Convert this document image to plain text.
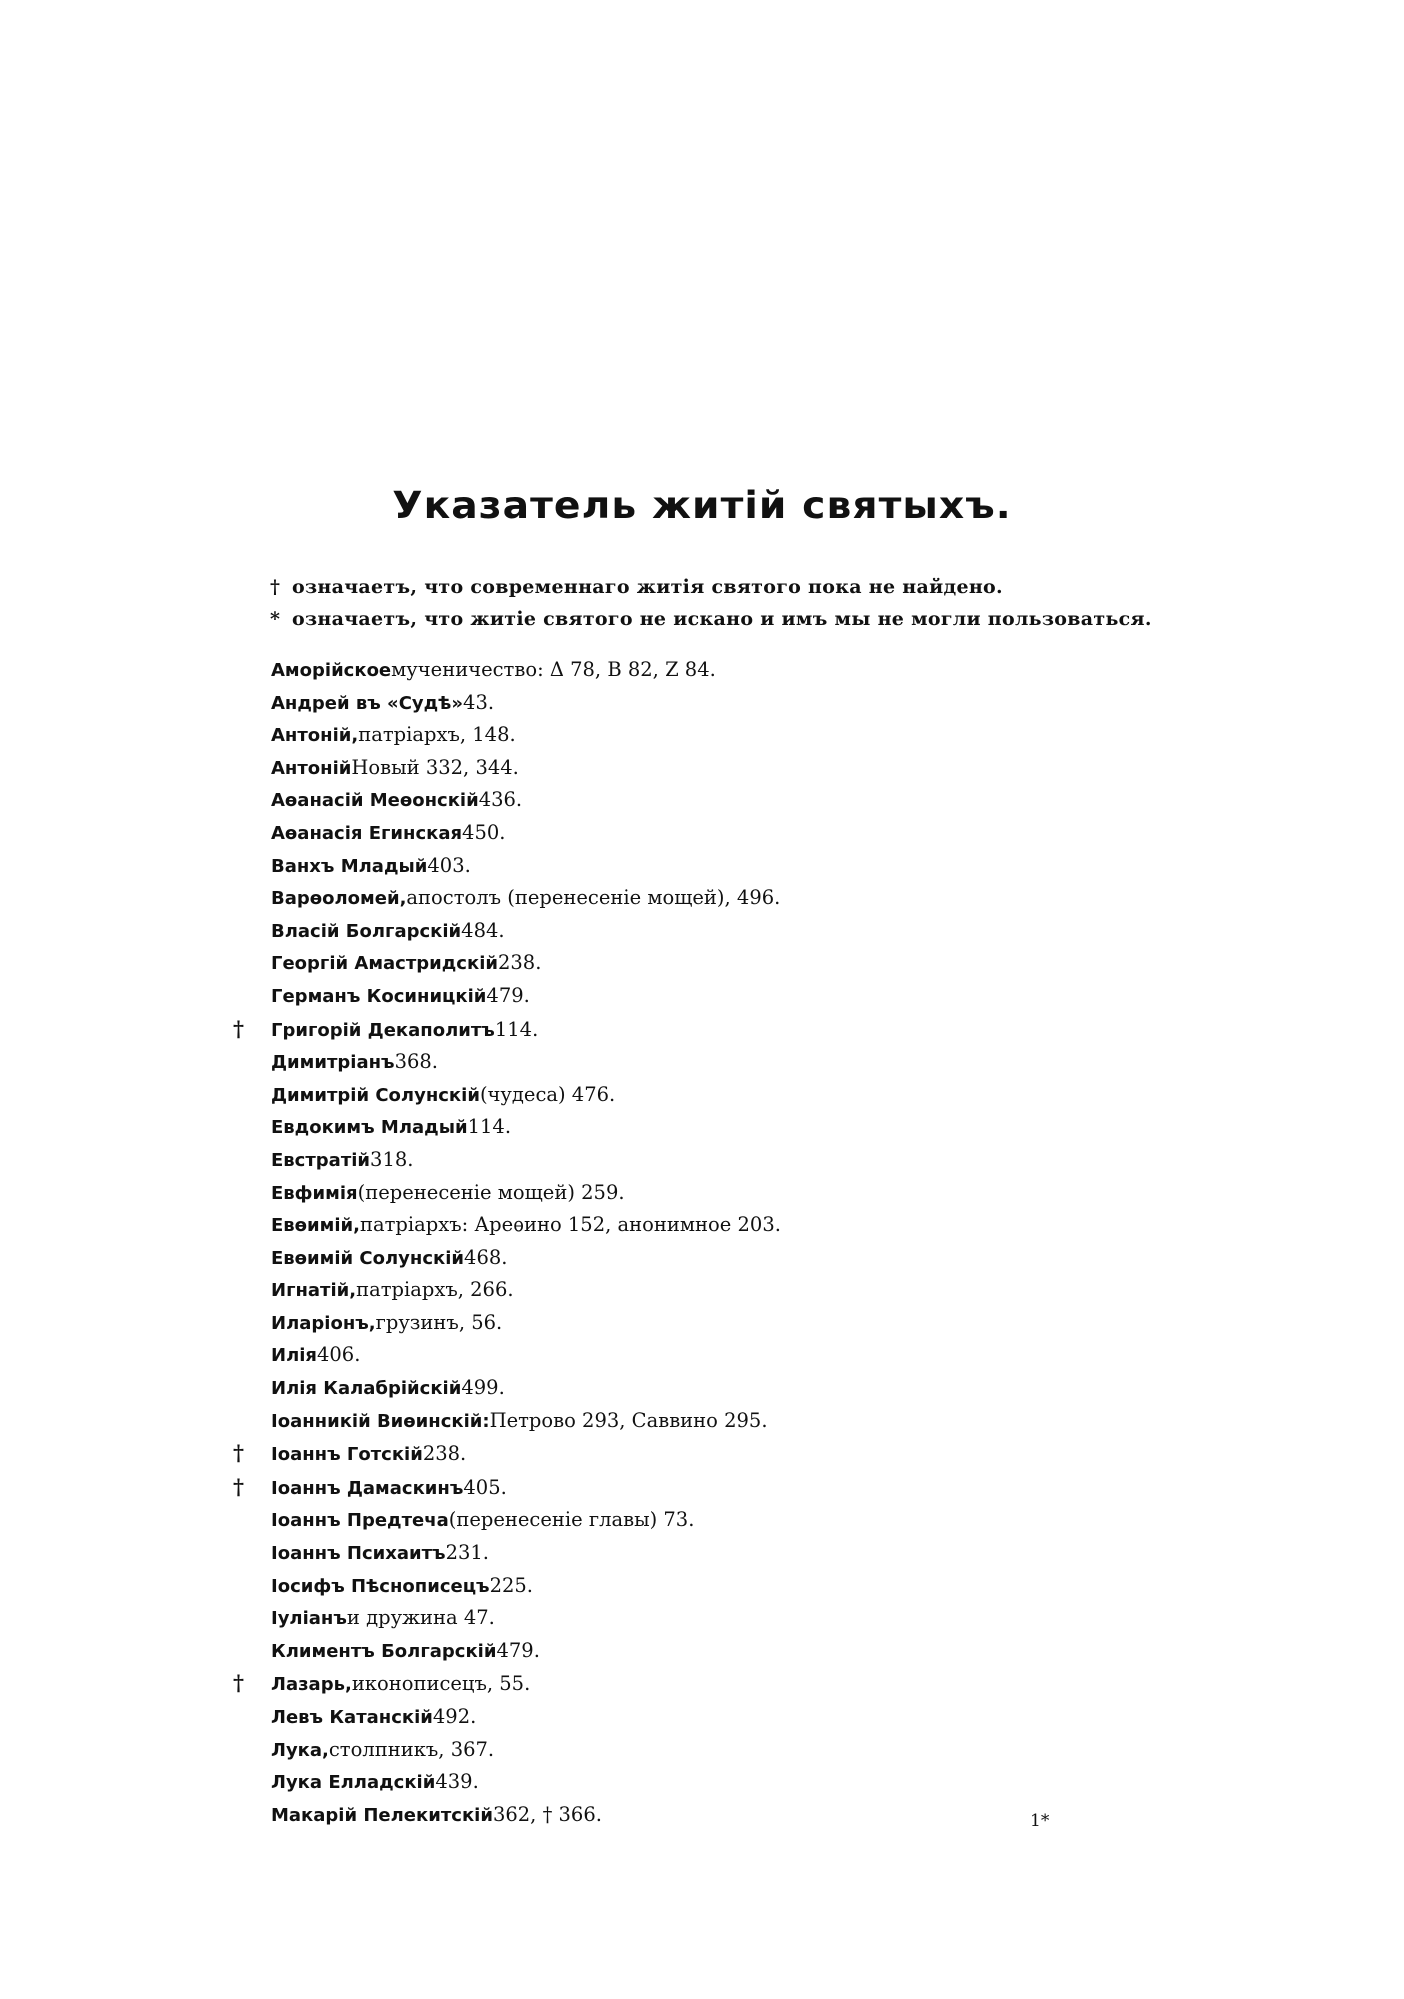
Указатель житій святыхъ.
† означаетъ, что современнаго житія святого пока не найдено.
* означаетъ, что житіе святого не искано и имъ мы не могли пользоваться.
Аморійское мученичество: Δ 78, Β 82, Ζ 84.
Андрей въ «Судѣ» 43.
Антоній, патріархъ, 148.
Антоній Новый 332, 344.
Аѳанасій Меѳонскій 436.
Аѳанасія Егинская 450.
Ванхъ Младый 403.
Варѳоломей, апостолъ (перенесеніе мощей), 496.
Власій Болгарскій 484.
Георгій Амастридскій 238.
Германъ Косиницкій 479.
†	Григорій Декаполитъ 114.
Димитріанъ 368.
Димитрій Солунскій (чудеса) 476.
Евдокимъ Младый 114.
Евстратій 318.
Евфимія (перенесеніе мощей) 259.
Евѳимій, патріархъ: Ареѳино 152, анонимное 203.
Евѳимій Солунскій 468.
Игнатій, патріархъ, 266.
Иларіонъ, грузинъ, 56.
Илія 406.
Илія Калабрійскій 499.
Іоанникій Виѳинскій: Петрово 293, Саввино 295.
†	Іоаннъ Готскій 238.
†	Іоаннъ Дамаскинъ 405.
Іоаннъ Предтеча (перенесеніе главы) 73.
Іоаннъ Психаитъ 231.
Іосифъ Пѣснописецъ 225.
Іуліанъ и дружина 47.
Климентъ Болгарскій 479.
†	Лазарь, иконописецъ, 55.
Левъ Катанскій 492.
Лука, столпникъ, 367.
Лука Елладскій 439.
Макарій Пелекитскій 362, † 366.	1*
